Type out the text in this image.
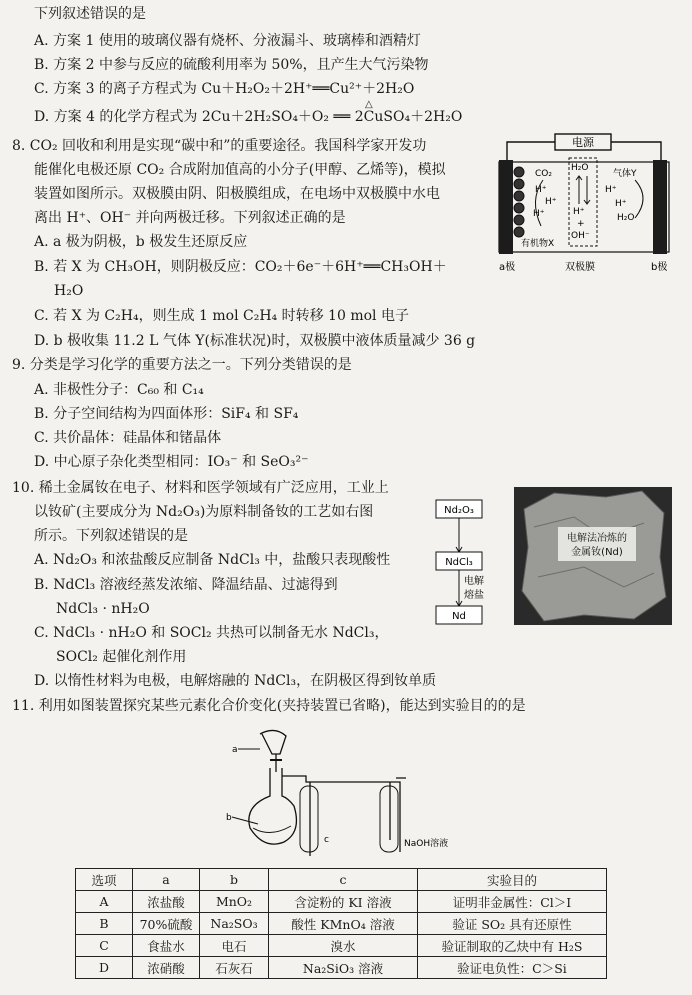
下列叙述错误的是
A. 方案 1 使用的玻璃仪器有烧杯、分液漏斗、玻璃棒和酒精灯
B. 方案 2 中参与反应的硫酸利用率为 50%，且产生大气污染物
C. 方案 3 的离子方程式为 Cu＋H₂O₂＋2H⁺══Cu²⁺＋2H₂O
D. 方案 4 的化学方程式为 2Cu＋2H₂SO₄＋O₂ ══ 2CuSO₄＋2H₂O
△
8. CO₂ 回收和利用是实现“碳中和”的重要途径。我国科学家开发功
能催化电极还原 CO₂ 合成附加值高的小分子(甲醇、乙烯等)，模拟
装置如图所示。双极膜由阴、阳极膜组成，在电场中双极膜中水电
离出 H⁺、OH⁻ 并向两极迁移。下列叙述正确的是
A. a 极为阴极，b 极发生还原反应
B. 若 X 为 CH₃OH，则阴极反应：CO₂＋6e⁻＋6H⁺══CH₃OH＋
H₂O
C. 若 X 为 C₂H₄，则生成 1 mol C₂H₄ 时转移 10 mol 电子
D. b 极收集 11.2 L 气体 Y(标准状况)时，双极膜中液体质量减少 36 g
电源
CO₂
H₂O
H⁺
H⁺
H⁺	H⁺
+
OH⁻
气体Y
H⁺
H⁺
H₂O
有机物X
a极	双极膜	b极
9. 分类是学习化学的重要方法之一。下列分类错误的是
A. 非极性分子：C₆₀ 和 C₁₄
B. 分子空间结构为四面体形：SiF₄ 和 SF₄
C. 共价晶体：硅晶体和锗晶体
D. 中心原子杂化类型相同：IO₃⁻ 和 SeO₃²⁻
10. 稀土金属钕在电子、材料和医学领域有广泛应用，工业上
以钕矿(主要成分为 Nd₂O₃)为原料制备钕的工艺如右图
所示。下列叙述错误的是
A. Nd₂O₃ 和浓盐酸反应制备 NdCl₃ 中，盐酸只表现酸性
B. NdCl₃ 溶液经蒸发浓缩、降温结晶、过滤得到
NdCl₃ · nH₂O
C. NdCl₃ · nH₂O 和 SOCl₂ 共热可以制备无水 NdCl₃，
SOCl₂ 起催化剂作用
D. 以惰性材料为电极，电解熔融的 NdCl₃，在阴极区得到钕单质
Nd₂O₃
NdCl₃
电解
熔盐
Nd
电解法冶炼的
金属钕(Nd)
11. 利用如图装置探究某些元素化合价变化(夹持装置已省略)，能达到实验目的的是
a
b
c	NaOH溶液
选项	a	b	c	实验目的
A	浓盐酸	MnO₂	含淀粉的 KI 溶液	证明非金属性：Cl＞I
B	70%硫酸	Na₂SO₃	酸性 KMnO₄ 溶液	验证 SO₂ 具有还原性
C	食盐水	电石	溴水	验证制取的乙炔中有 H₂S
D	浓硝酸	石灰石	Na₂SiO₃ 溶液	验证电负性：C＞Si
